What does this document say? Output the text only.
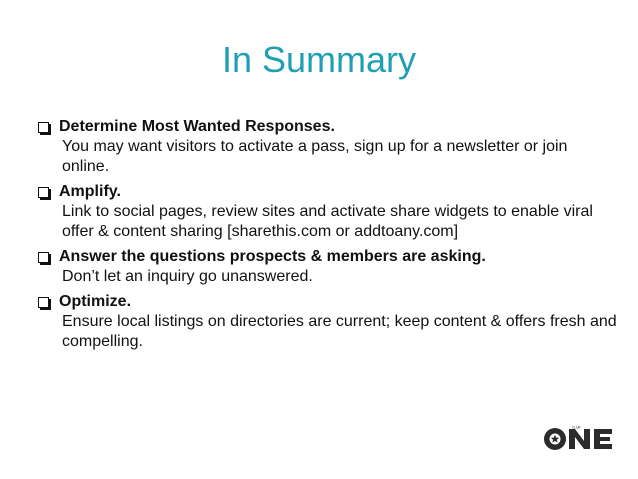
In Summary
Determine Most Wanted Responses.
You may want visitors to activate a pass, sign up for a newsletter or join online.
Amplify.
Link to social pages, review sites and activate share widgets to enable viral offer & content sharing [sharethis.com or addtoany.com]
Answer the questions prospects & members are asking.
Don’t let an inquiry go unanswered.
Optimize.
Ensure local listings on directories are current; keep content & offers fresh and compelling.
CLUB
